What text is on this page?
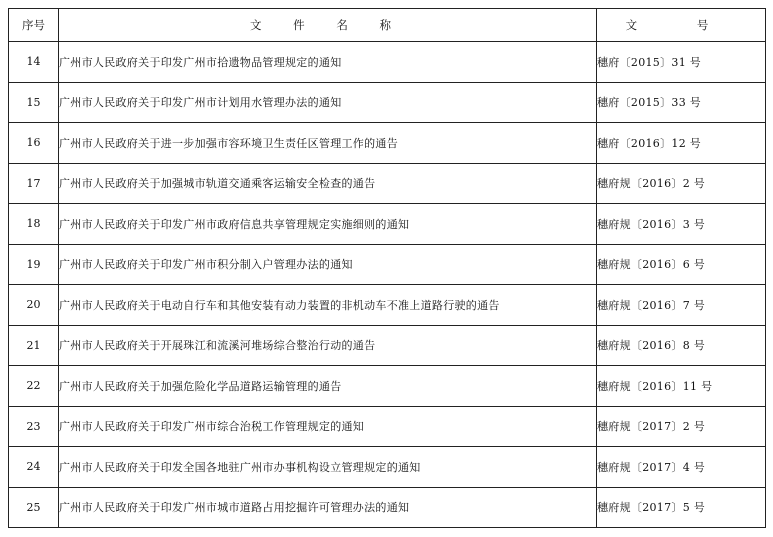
序号	文 件 名 称	文 号
14	广州市人民政府关于印发广州市拾遗物品管理规定的通知	穗府〔2015〕31 号
15	广州市人民政府关于印发广州市计划用水管理办法的通知	穗府〔2015〕33 号
16	广州市人民政府关于进一步加强市容环境卫生责任区管理工作的通告	穗府〔2016〕12 号
17	广州市人民政府关于加强城市轨道交通乘客运输安全检查的通告	穗府规〔2016〕2 号
18	广州市人民政府关于印发广州市政府信息共享管理规定实施细则的通知	穗府规〔2016〕3 号
19	广州市人民政府关于印发广州市积分制入户管理办法的通知	穗府规〔2016〕6 号
20	广州市人民政府关于电动自行车和其他安装有动力装置的非机动车不准上道路行驶的通告	穗府规〔2016〕7 号
21	广州市人民政府关于开展珠江和流溪河堆场综合整治行动的通告	穗府规〔2016〕8 号
22	广州市人民政府关于加强危险化学品道路运输管理的通告	穗府规〔2016〕11 号
23	广州市人民政府关于印发广州市综合治税工作管理规定的通知	穗府规〔2017〕2 号
24	广州市人民政府关于印发全国各地驻广州市办事机构设立管理规定的通知	穗府规〔2017〕4 号
25	广州市人民政府关于印发广州市城市道路占用挖掘许可管理办法的通知	穗府规〔2017〕5 号
